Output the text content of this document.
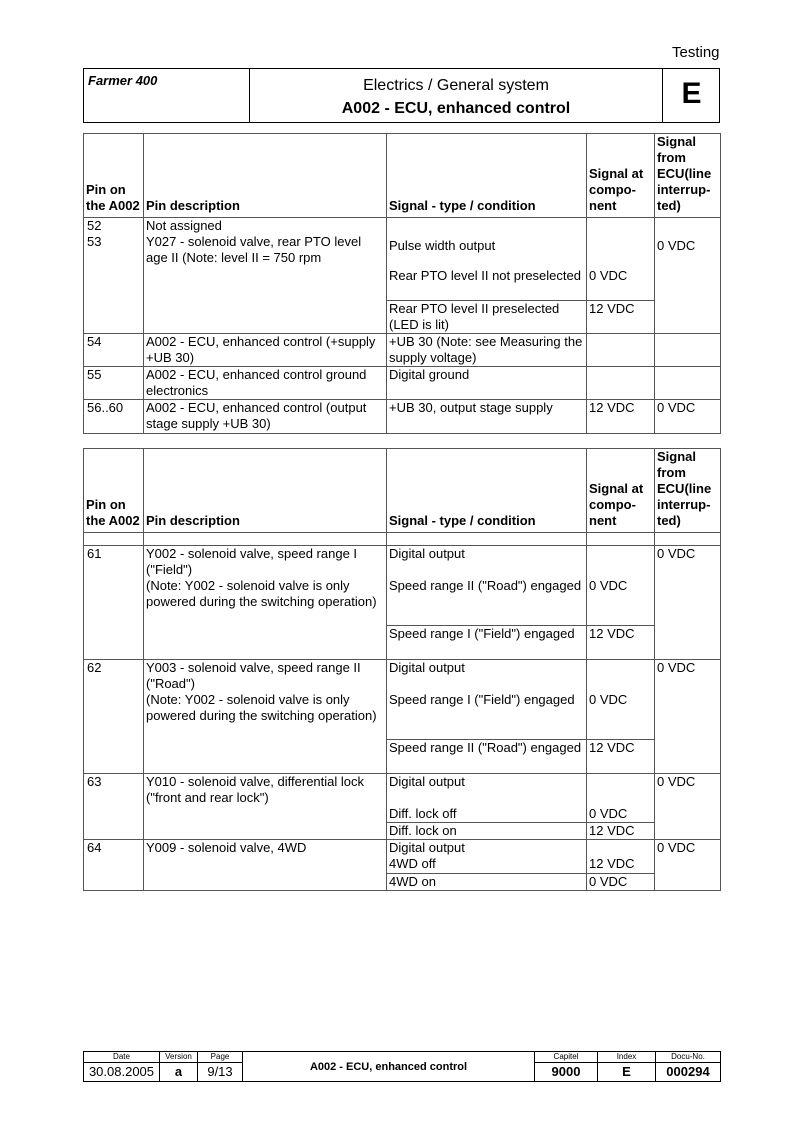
Testing
Farmer 400	Electrics / General system
A002 - ECU, enhanced control	E
Pin on the A002	Pin description	Signal - type / condition	Signal at compo- nent	Signal from ECU(line interrup- ted)
52	Not assigned			
53	Y027 - solenoid valve, rear PTO level age II (Note: level II = 750 rpm	Pulse width output		0 VDC
		Rear PTO level II not preselected	0 VDC	
		Rear PTO level II preselected (LED is lit)	12 VDC	
54	A002 - ECU, enhanced control (+supply +UB 30)	+UB 30 (Note: see Measuring the supply voltage)		
55	A002 - ECU, enhanced control ground electronics	Digital ground		
56..60	A002 - ECU, enhanced control (output stage supply +UB 30)	+UB 30, output stage supply	12 VDC	0 VDC
Pin on the A002	Pin description	Signal - type / condition	Signal at compo- nent	Signal from ECU(line interrup- ted)

61	Y002 - solenoid valve, speed range I ("Field")
(Note: Y002 - solenoid valve is only powered during the switching operation)	Digital output		0 VDC
		Speed range II ("Road") engaged	0 VDC	
		Speed range I ("Field") engaged	12 VDC	
62	Y003 - solenoid valve, speed range II ("Road")
(Note: Y002 - solenoid valve is only powered during the switching operation)	Digital output		0 VDC
		Speed range I ("Field") engaged	0 VDC	
		Speed range II ("Road") engaged	12 VDC	
63	Y010 - solenoid valve, differential lock ("front and rear lock")	Digital output		0 VDC
		Diff. lock off	0 VDC	
		Diff. lock on	12 VDC	
64	Y009 - solenoid valve, 4WD	Digital output		0 VDC
		4WD off	12 VDC	
		4WD on	0 VDC	
Date	Version	Page	A002 - ECU, enhanced control	Capitel	Index	Docu-No.
30.08.2005	a	9/13		9000	E	000294
